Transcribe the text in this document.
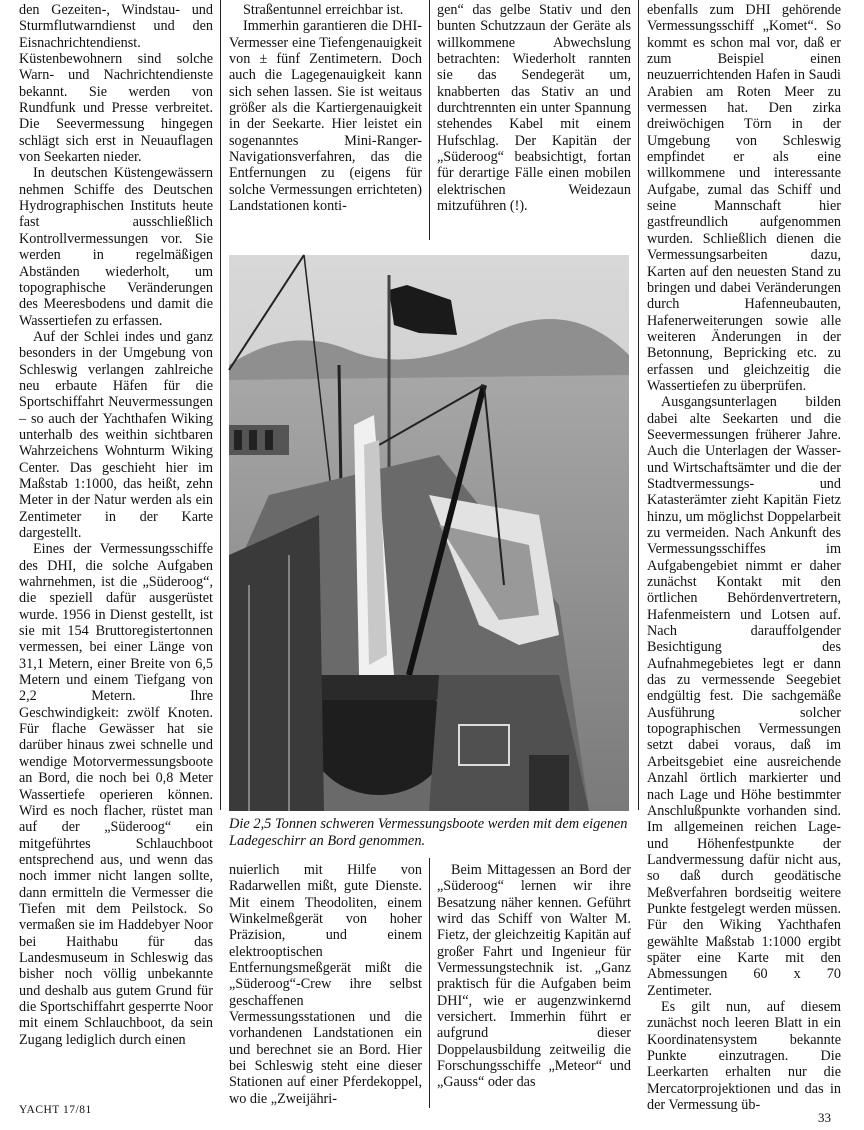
den Gezeiten-, Windstau- und Sturmflutwarndienst und den Eisnachrichtendienst. Küstenbewohnern sind solche Warn- und Nachrichtendienste bekannt. Sie werden von Rundfunk und Presse verbreitet. Die Seevermessung hingegen schlägt sich erst in Neuauflagen von Seekarten nieder.

In deutschen Küstengewässern nehmen Schiffe des Deutschen Hydrographischen Instituts heute fast ausschließlich Kontrollvermessungen vor. Sie werden in regelmäßigen Abständen wiederholt, um topographische Veränderungen des Meeresbodens und damit die Wassertiefen zu erfassen.

Auf der Schlei indes und ganz besonders in der Umgebung von Schleswig verlangen zahlreiche neu erbaute Häfen für die Sportschiffahrt Neuvermessungen – so auch der Yachthafen Wiking unterhalb des weithin sichtbaren Wahrzeichens Wohnturm Wiking Center. Das geschieht hier im Maßstab 1:1000, das heißt, zehn Meter in der Natur werden als ein Zentimeter in der Karte dargestellt.

Eines der Vermessungsschiffe des DHI, die solche Aufgaben wahrnehmen, ist die „Süderoog“, die speziell dafür ausgerüstet wurde. 1956 in Dienst gestellt, ist sie mit 154 Bruttoregistertonnen vermessen, bei einer Länge von 31,1 Metern, einer Breite von 6,5 Metern und einem Tiefgang von 2,2 Metern. Ihre Geschwindigkeit: zwölf Knoten. Für flache Gewässer hat sie darüber hinaus zwei schnelle und wendige Motorvermessungsboote an Bord, die noch bei 0,8 Meter Wassertiefe operieren können. Wird es noch flacher, rüstet man auf der „Süderoog“ ein mitgeführtes Schlauchboot entsprechend aus, und wenn das noch immer nicht langen sollte, dann ermitteln die Vermesser die Tiefen mit dem Peilstock. So vermaßen sie im Haddebyer Noor bei Haithabu für das Landesmuseum in Schleswig das bisher noch völlig unbekannte und deshalb aus gutem Grund für die Sportschiffahrt gesperrte Noor mit einem Schlauchboot, da sein Zugang lediglich durch einen

Straßentunnel erreichbar ist.

Immerhin garantieren die DHI-Vermesser eine Tiefengenauigkeit von ± fünf Zentimetern. Doch auch die Lagegenauigkeit kann sich sehen lassen. Sie ist weitaus größer als die Kartiergenauigkeit in der Seekarte. Hier leistet ein sogenanntes Mini-Ranger-Navigationsverfahren, das die Entfernungen zu (eigens für solche Vermessungen errichteten) Landstationen konti-

gen“ das gelbe Stativ und den bunten Schutzzaun der Geräte als willkommene Abwechslung betrachten: Wiederholt rannten sie das Sendegerät um, knabberten das Stativ an und durchtrennten ein unter Spannung stehendes Kabel mit einem Hufschlag. Der Kapitän der „Süderoog“ beabsichtigt, fortan für derartige Fälle einen mobilen elektrischen Weidezaun mitzuführen (!).

ebenfalls zum DHI gehörende Vermessungsschiff „Komet“. So kommt es schon mal vor, daß er zum Beispiel einen neuzuerrichtenden Hafen in Saudi Arabien am Roten Meer zu vermessen hat. Den zirka dreiwöchigen Törn in der Umgebung von Schleswig empfindet er als eine willkommene und interessante Aufgabe, zumal das Schiff und seine Mannschaft hier gastfreundlich aufgenommen wurden. Schließlich dienen die Vermessungsarbeiten dazu, Karten auf den neuesten Stand zu bringen und dabei Veränderungen durch Hafenneubauten, Hafenerweiterungen sowie alle weiteren Änderungen in der Betonnung, Bepricking etc. zu erfassen und gleichzeitig die Wassertiefen zu überprüfen.

Ausgangsunterlagen bilden dabei alte Seekarten und die Seevermessungen früherer Jahre. Auch die Unterlagen der Wasser- und Wirtschaftsämter und die der Stadtvermessungs- und Katasterämter zieht Kapitän Fietz hinzu, um möglichst Doppelarbeit zu vermeiden. Nach Ankunft des Vermessungsschiffes im Aufgabengebiet nimmt er daher zunächst Kontakt mit den örtlichen Behördenvertretern, Hafenmeistern und Lotsen auf. Nach darauffolgender Besichtigung des Aufnahmegebietes legt er dann das zu vermessende Seegebiet endgültig fest. Die sachgemäße Ausführung solcher topographischen Vermessungen setzt dabei voraus, daß im Arbeitsgebiet eine ausreichende Anzahl örtlich markierter und nach Lage und Höhe bestimmter Anschlußpunkte vorhanden sind. Im allgemeinen reichen Lage- und Höhenfestpunkte der Landvermessung dafür nicht aus, so daß durch geodätische Meßverfahren bordseitig weitere Punkte festgelegt werden müssen. Für den Wiking Yachthafen gewählte Maßstab 1:1000 ergibt später eine Karte mit den Abmessungen 60 x 70 Zentimeter.

Es gilt nun, auf diesem zunächst noch leeren Blatt in ein Koordinatensystem bekannte Punkte einzutragen. Die Leerkarten erhalten nur die Mercatorprojektionen und das in der Vermessung üb-

Die 2,5 Tonnen schweren Vermessungsboote werden mit dem eigenen Ladegeschirr an Bord genommen.

nuierlich mit Hilfe von Radarwellen mißt, gute Dienste. Mit einem Theodoliten, einem Winkelmeßgerät von hoher Präzision, und einem elektrooptischen Entfernungsmeßgerät mißt die „Süderoog“-Crew ihre selbst geschaffenen Vermessungsstationen und die vorhandenen Landstationen ein und berechnet sie an Bord. Hier bei Schleswig steht eine dieser Stationen auf einer Pferdekoppel, wo die „Zweijähri-

Beim Mittagessen an Bord der „Süderoog“ lernen wir ihre Besatzung näher kennen. Geführt wird das Schiff von Walter M. Fietz, der gleichzeitig Kapitän auf großer Fahrt und Ingenieur für Vermessungstechnik ist. „Ganz praktisch für die Aufgaben beim DHI“, wie er augenzwinkernd versichert. Immerhin führt er aufgrund dieser Doppelausbildung zeitweilig die Forschungsschiffe „Meteor“ und „Gauss“ oder das

YACHT 17/81	33
